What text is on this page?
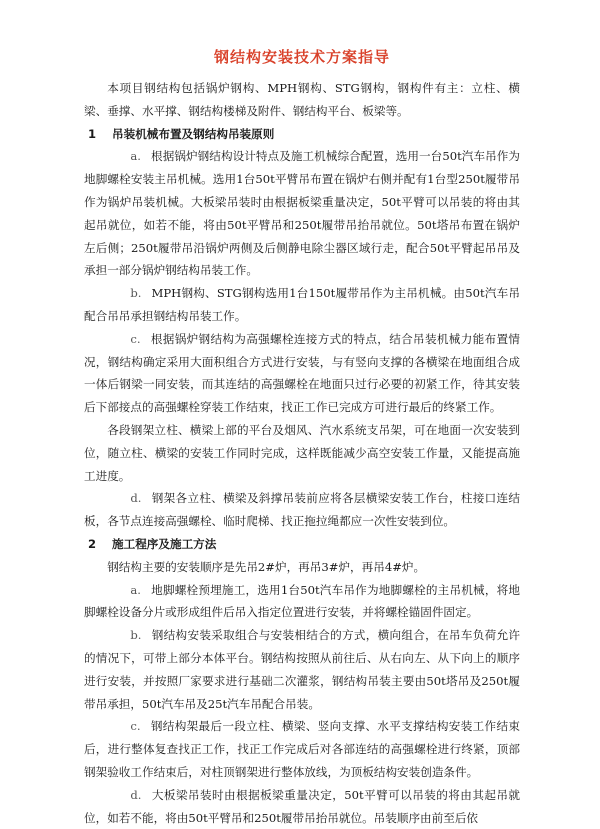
钢结构安装技术方案指导

本项目钢结构包括锅炉钢构、MPH钢构、STG钢构，钢构件有主：立柱、横梁、垂撑、水平撑、钢结构楼梯及附件、钢结构平台、板梁等。

1 吊装机械布置及钢结构吊装原则

a. 根据锅炉钢结构设计特点及施工机械综合配置，选用一台50t汽车吊作为地脚螺栓安装主吊机械。选用1台50t平臂吊布置在锅炉右侧并配有1台型250t履带吊作为锅炉吊装机械。大板梁吊装时由根据板梁重量决定，50t平臂可以吊装的将由其起吊就位，如若不能，将由50t平臂吊和250t履带吊抬吊就位。50t塔吊布置在锅炉左后侧；250t履带吊沿锅炉两侧及后侧静电除尘器区域行走，配合50t平臂起吊吊及承担一部分锅炉钢结构吊装工作。

b. MPH钢构、STG钢构选用1台150t履带吊作为主吊机械。由50t汽车吊配合吊吊承担钢结构吊装工作。

c. 根据锅炉钢结构为高强螺栓连接方式的特点，结合吊装机械力能布置情况，钢结构确定采用大面积组合方式进行安装，与有竖向支撑的各横梁在地面组合成一体后钢梁一同安装，而其连结的高强螺栓在地面只过行必要的初紧工作，待其安装后下部接点的高强螺栓穿装工作结束，找正工作已完成方可进行最后的终紧工作。

各段钢架立柱、横梁上部的平台及烟风、汽水系统支吊架，可在地面一次安装到位，随立柱、横梁的安装工作同时完成，这样既能减少高空安装工作量，又能提高施工进度。

d. 钢架各立柱、横梁及斜撑吊装前应将各层横梁安装工作台，柱接口连结板，各节点连接高强螺栓、临时爬梯、找正拖拉绳都应一次性安装到位。

2 施工程序及施工方法

钢结构主要的安装顺序是先吊2#炉，再吊3#炉，再吊4#炉。

a. 地脚螺栓预埋施工，选用1台50t汽车吊作为地脚螺栓的主吊机械，将地脚螺栓设备分片或形成组件后吊入指定位置进行安装，并将螺栓锚固件固定。

b. 钢结构安装采取组合与安装相结合的方式，横向组合，在吊车负荷允许的情况下，可带上部分本体平台。钢结构按照从前往后、从右向左、从下向上的顺序进行安装，并按照厂家要求进行基础二次灌浆，钢结构吊装主要由50t塔吊及250t履带吊承担，50t汽车吊及25t汽车吊配合吊装。

c. 钢结构架最后一段立柱、横梁、竖向支撑、水平支撑结构安装工作结束后，进行整体复查找正工作，找正工作完成后对各部连结的高强螺栓进行终紧，顶部钢架验收工作结束后，对柱顶钢架进行整体放线，为顶板结构安装创造条件。

d. 大板梁吊装时由根据板梁重量决定，50t平臂可以吊装的将由其起吊就位，如若不能，将由50t平臂吊和250t履带吊抬吊就位。吊装顺序由前至后依
